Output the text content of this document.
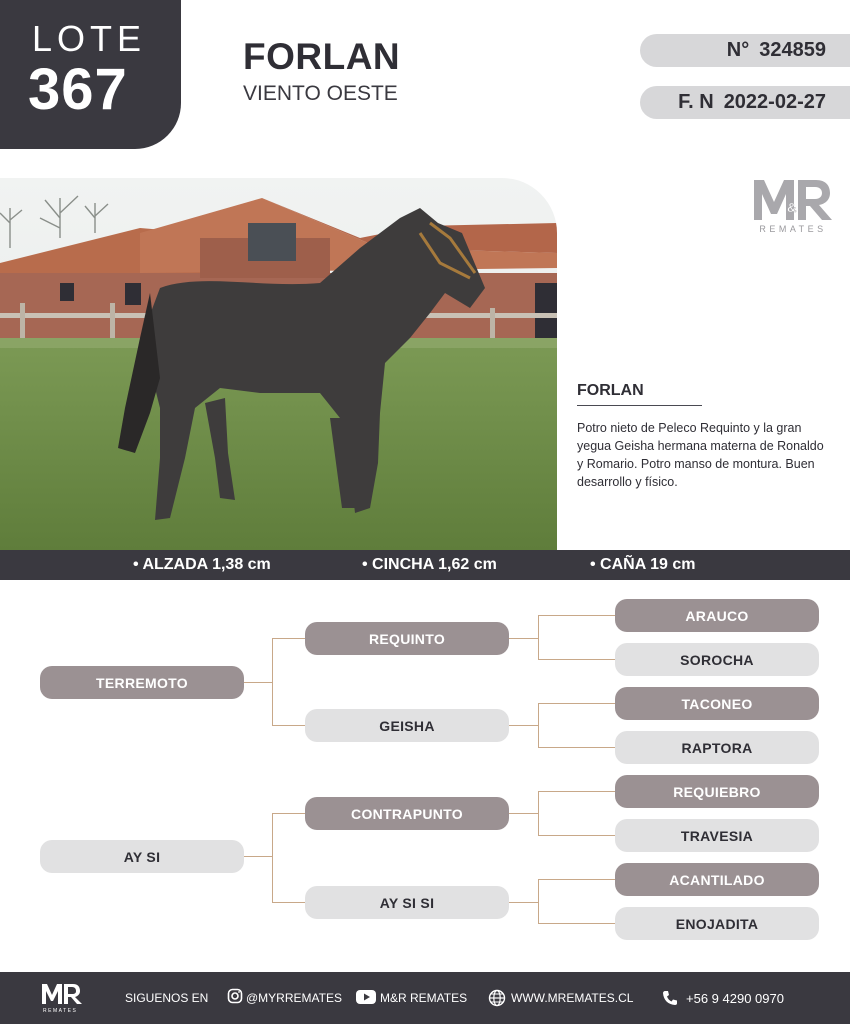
LOTE
367
FORLAN
VIENTO OESTE
N° 324859
F. N 2022-02-27
&
REMATES
FORLAN
Potro nieto de Peleco Requinto y la gran yegua Geisha hermana materna de Ronaldo y Romario. Potro manso de montura. Buen desarrollo y físico.
• ALZADA 1,38 cm	• CINCHA 1,62 cm	• CAÑA 19 cm
TERREMOTO
AY SI
REQUINTO
GEISHA
CONTRAPUNTO
AY SI SI
ARAUCO
SOROCHA
TACONEO
RAPTORA
REQUIEBRO
TRAVESIA
ACANTILADO
ENOJADITA
REMATES
SIGUENOS EN	@MYRREMATES	M&R REMATES	WWW.MREMATES.CL	+56 9 4290 0970
